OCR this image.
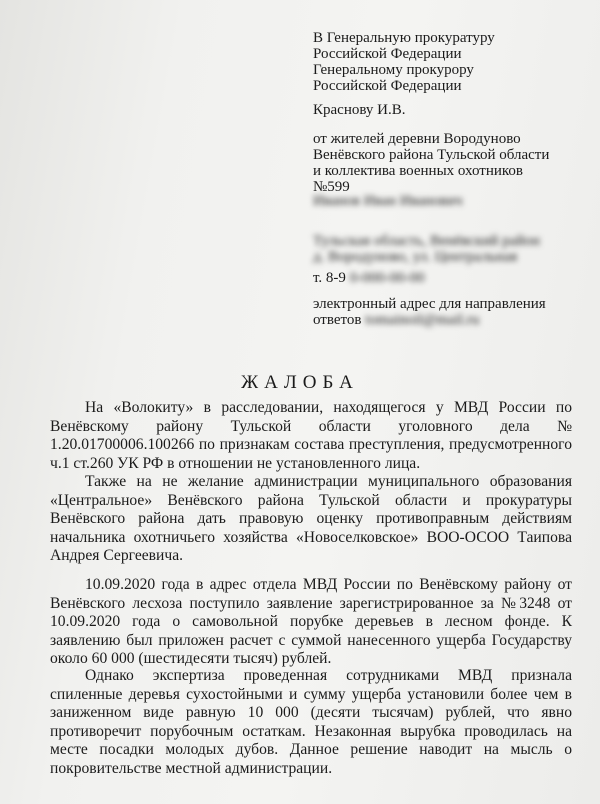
В Генеральную прокуратуру
Российской Федерации
Генеральному прокурору
Российской Федерации
Краснову И.В.
от жителей деревни Вородуново
Венёвского района Тульской области
и коллектива военных охотников
№599
Иванов Иван Иванович
Тульская область, Венёвский район
д. Вородуново, ул. Центральная
т. 8-9 0-000-00-00
электронный адрес для направления
ответов tomainoil@mail.ru
ЖАЛОБА

На «Волокиту» в расследовании, находящегося у МВД России по Венёвскому району Тульской области уголовного дела № 1.20.01700006.100266 по признакам состава преступления, предусмотренного ч.1 ст.260 УК РФ в отношении не установленного лица.

Также на не желание администрации муниципального образования «Центральное» Венёвского района Тульской области и прокуратуры Венёвского района дать правовую оценку противоправным действиям начальника охотничьего хозяйства «Новоселковское» ВОО-ОСОО Таипова Андрея Сергеевича.

10.09.2020 года в адрес отдела МВД России по Венёвскому району от Венёвского лесхоза поступило заявление зарегистрированное за №3248 от 10.09.2020 года о самовольной порубке деревьев в лесном фонде. К заявлению был приложен расчет с суммой нанесенного ущерба Государству около 60 000 (шестидесяти тысяч) рублей.

Однако экспертиза проведенная сотрудниками МВД признала спиленные деревья сухостойными и сумму ущерба установили более чем в заниженном виде равную 10 000 (десяти тысячам) рублей, что явно противоречит порубочным остаткам. Незаконная вырубка проводилась на месте посадки молодых дубов. Данное решение наводит на мысль о покровительстве местной администрации.
